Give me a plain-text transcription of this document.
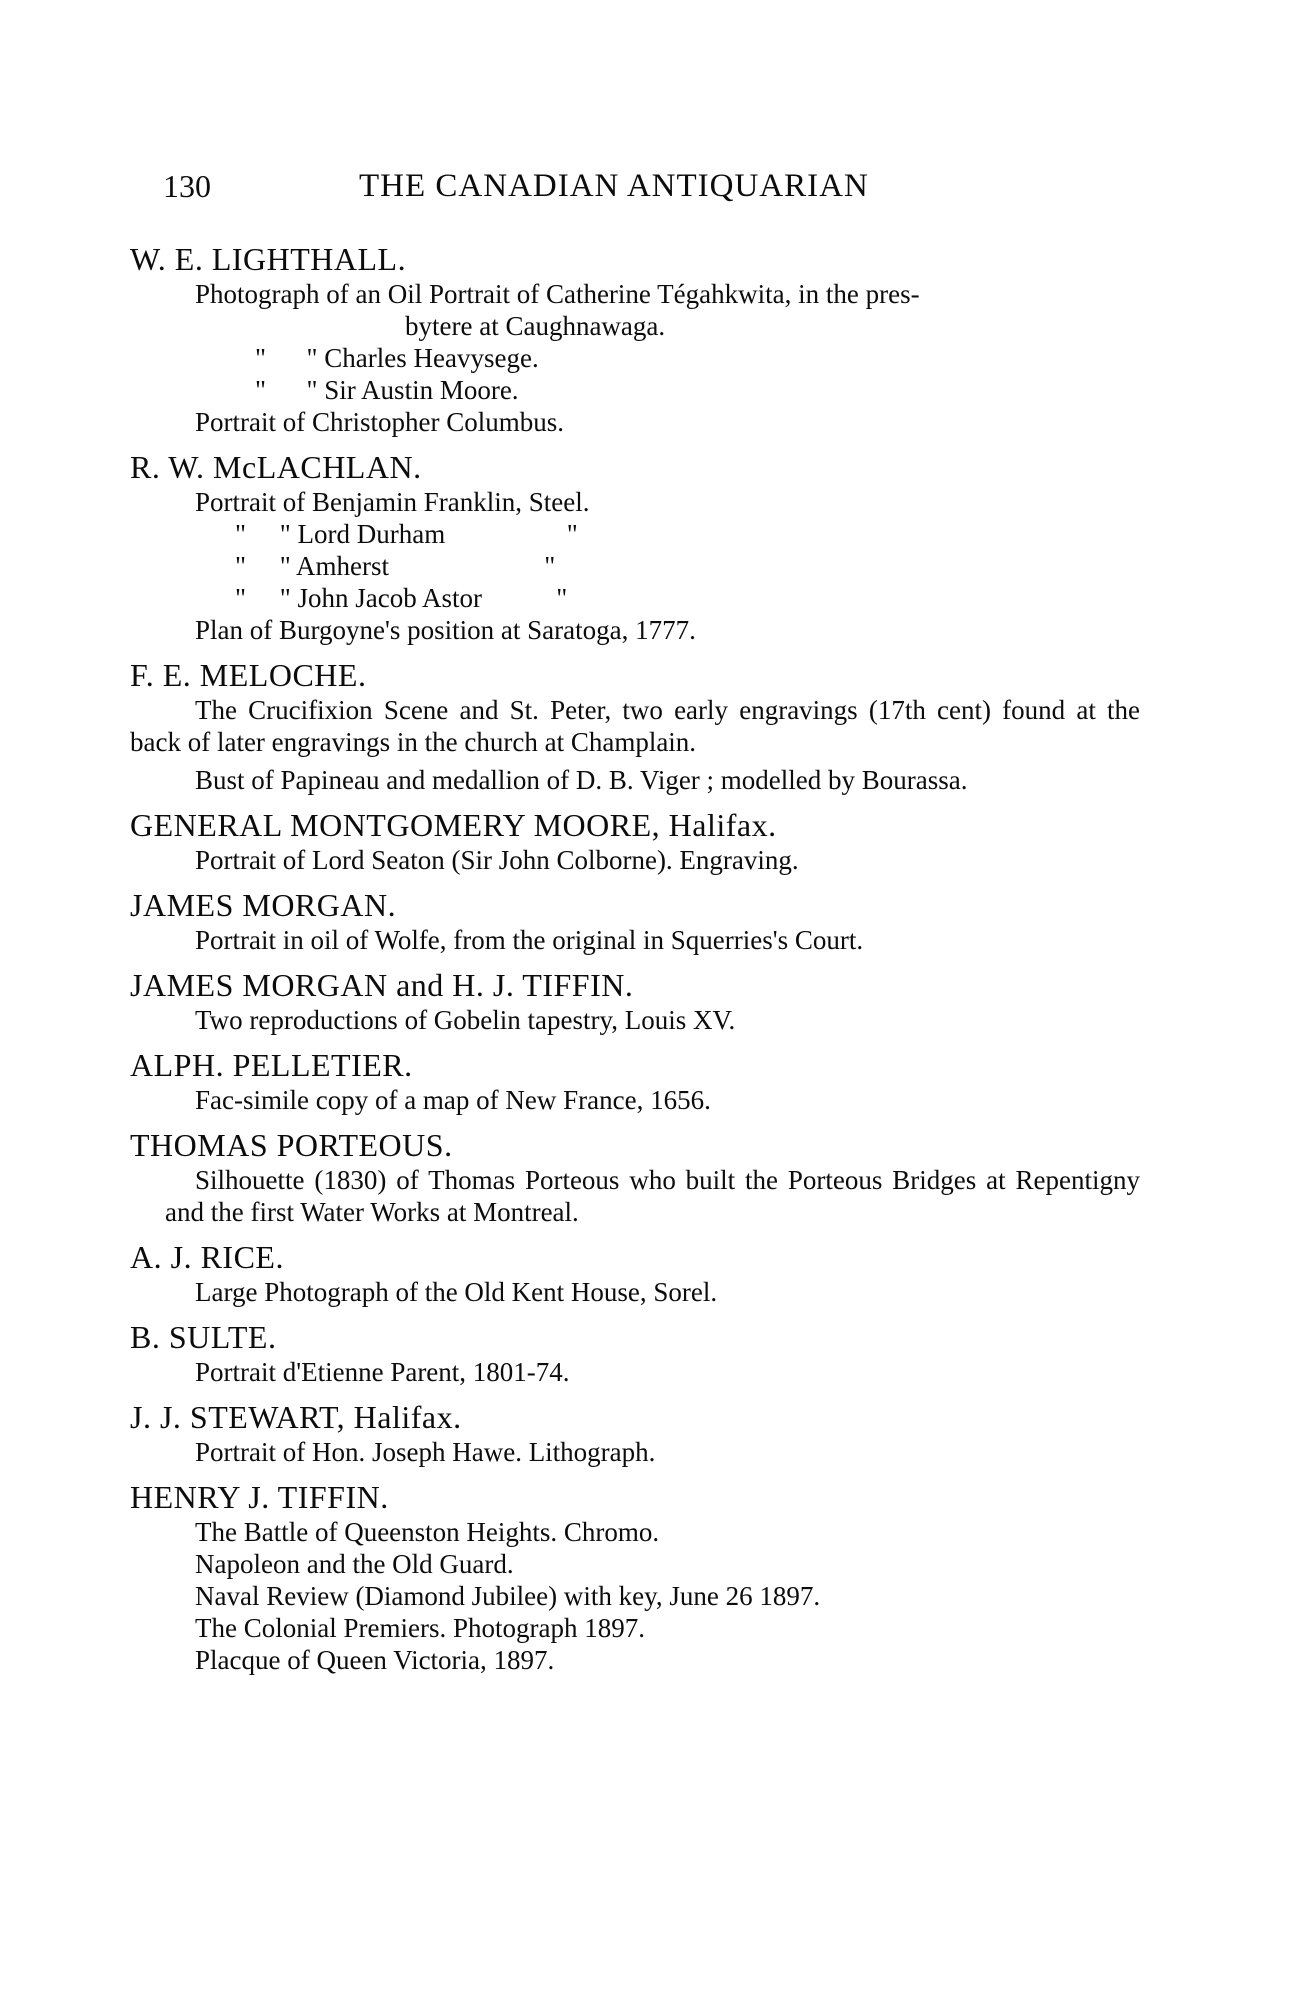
130	THE CANADIAN ANTIQUARIAN
W. E. LIGHTHALL.
Photograph of an Oil Portrait of Catherine Tégahkwita, in the pres-
bytere at Caughnawaga.
"      " Charles Heavysege.
"      " Sir Austin Moore.
Portrait of Christopher Columbus.
R. W. McLACHLAN.
Portrait of Benjamin Franklin, Steel.
"     " Lord Durham                  "
"     " Amherst                       "
"     " John Jacob Astor           "
Plan of Burgoyne's position at Saratoga, 1777.
F. E. MELOCHE.
The Crucifixion Scene and St. Peter, two early engravings (17th cent) found at the back of later engravings in the church at Champlain.
Bust of Papineau and medallion of D. B. Viger ; modelled by Bourassa.
GENERAL MONTGOMERY MOORE, Halifax.
Portrait of Lord Seaton (Sir John Colborne). Engraving.
JAMES MORGAN.
Portrait in oil of Wolfe, from the original in Squerries's Court.
JAMES MORGAN and H. J. TIFFIN.
Two reproductions of Gobelin tapestry, Louis XV.
ALPH. PELLETIER.
Fac-simile copy of a map of New France, 1656.
THOMAS PORTEOUS.
Silhouette (1830) of Thomas Porteous who built the Porteous Bridges at Repentigny and the first Water Works at Montreal.
A. J. RICE.
Large Photograph of the Old Kent House, Sorel.
B. SULTE.
Portrait d'Etienne Parent, 1801-74.
J. J. STEWART, Halifax.
Portrait of Hon. Joseph Hawe. Lithograph.
HENRY J. TIFFIN.
The Battle of Queenston Heights. Chromo.
Napoleon and the Old Guard.
Naval Review (Diamond Jubilee) with key, June 26 1897.
The Colonial Premiers. Photograph 1897.
Placque of Queen Victoria, 1897.
